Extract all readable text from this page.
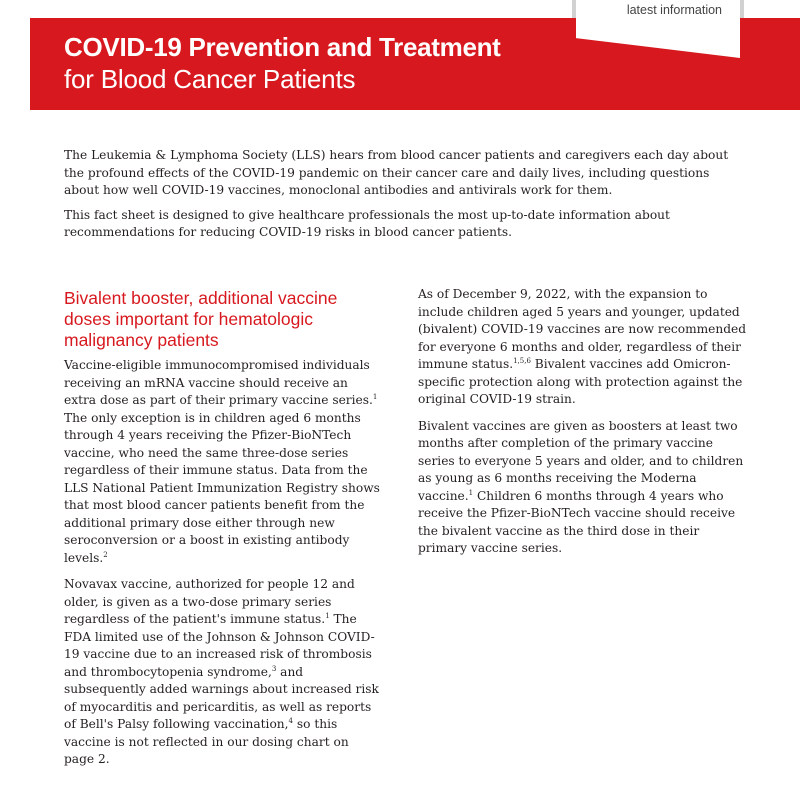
latest information
COVID-19 Prevention and Treatment
for Blood Cancer Patients

The Leukemia & Lymphoma Society (LLS) hears from blood cancer patients and caregivers each day about the profound effects of the COVID-19 pandemic on their cancer care and daily lives, including questions about how well COVID-19 vaccines, monoclonal antibodies and antivirals work for them.

This fact sheet is designed to give healthcare professionals the most up-to-date information about recommendations for reducing COVID-19 risks in blood cancer patients.

Bivalent booster, additional vaccine doses important for hematologic malignancy patients

Vaccine-eligible immunocompromised individuals receiving an mRNA vaccine should receive an extra dose as part of their primary vaccine series.$^1$ The only exception is in children aged 6 months through 4 years receiving the Pfizer-BioNTech vaccine, who need the same three-dose series regardless of their immune status. Data from the LLS National Patient Immunization Registry shows that most blood cancer patients benefit from the additional primary dose either through new seroconversion or a boost in existing antibody levels.$^2$

Novavax vaccine, authorized for people 12 and older, is given as a two-dose primary series regardless of the patient's immune status.$^1$ The FDA limited use of the Johnson & Johnson COVID-19 vaccine due to an increased risk of thrombosis and thrombocytopenia syndrome,$^3$ and subsequently added warnings about increased risk of myocarditis and pericarditis, as well as reports of Bell's Palsy following vaccination,$^4$ so this vaccine is not reflected in our dosing chart on page 2.

As of December 9, 2022, with the expansion to include children aged 5 years and younger, updated (bivalent) COVID-19 vaccines are now recommended for everyone 6 months and older, regardless of their immune status.$^{1,5,6}$ Bivalent vaccines add Omicron-specific protection along with protection against the original COVID-19 strain.

Bivalent vaccines are given as boosters at least two months after completion of the primary vaccine series to everyone 5 years and older, and to children as young as 6 months receiving the Moderna vaccine.$^1$ Children 6 months through 4 years who receive the Pfizer-BioNTech vaccine should receive the bivalent vaccine as the third dose in their primary vaccine series.
